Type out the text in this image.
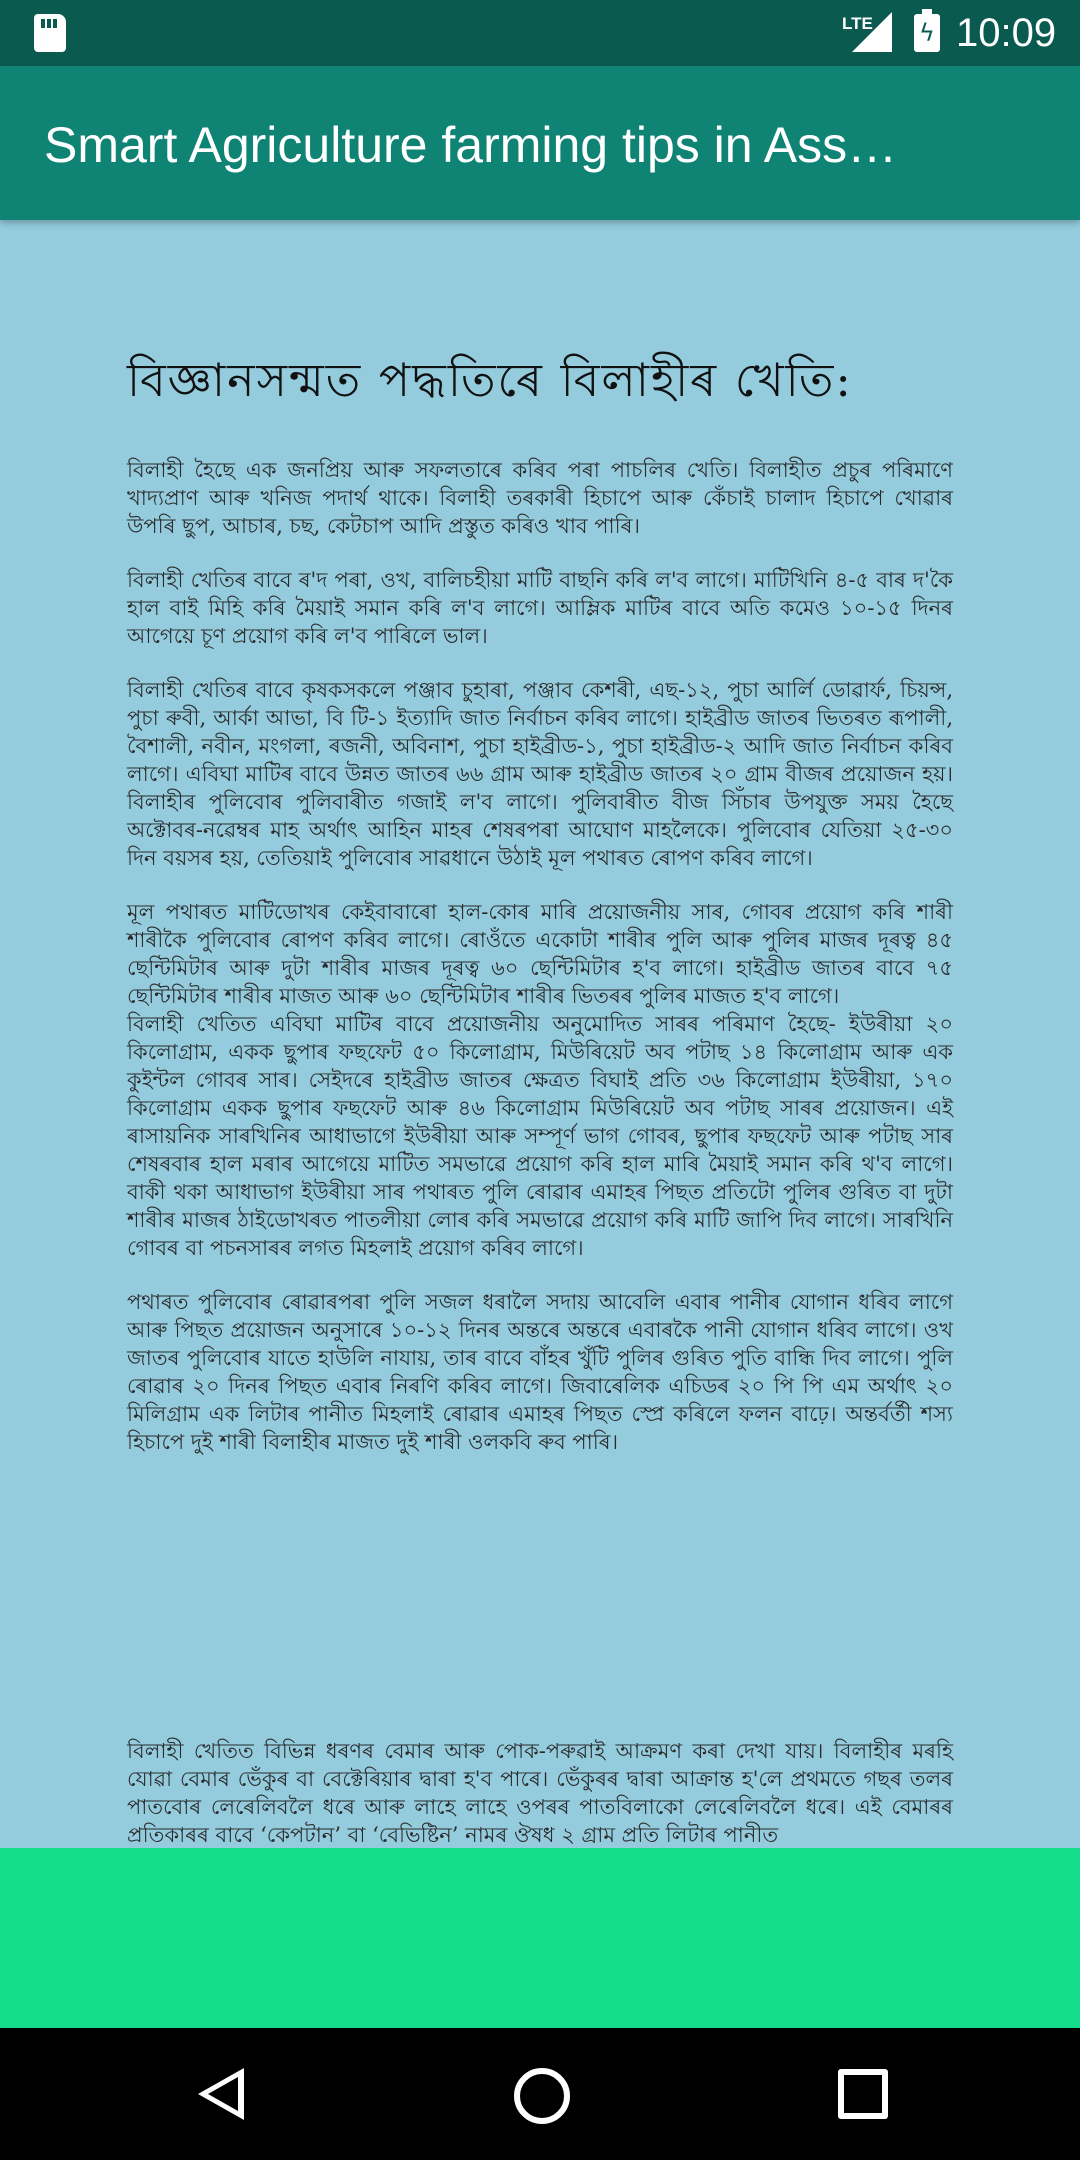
LTE ϟ 10:09
Smart Agriculture farming tips in Ass…
বিজ্ঞানসন্মত পদ্ধতিৰে বিলাহীৰ খেতি:

বিলাহী হৈছে এক জনপ্ৰিয় আৰু সফলতাৰে কৰিব পৰা পাচলিৰ খেতি। বিলাহীত প্ৰচুৰ পৰিমাণে খাদ্যপ্ৰাণ আৰু খনিজ পদাৰ্থ থাকে। বিলাহী তৰকাৰী হিচাপে আৰু কেঁচাই চালাদ হিচাপে খোৱাৰ উপৰি ছুপ, আচাৰ, চছ, কেটচাপ আদি প্ৰস্তুত কৰিও খাব পাৰি।

বিলাহী খেতিৰ বাবে ৰ'দ পৰা, ওখ, বালিচহীয়া মাটি বাছনি কৰি ল'ব লাগে। মাটিখিনি ৪-৫ বাৰ দ'কৈ হাল বাই মিহি কৰি মৈয়াই সমান কৰি ল'ব লাগে। আম্লিক মাটিৰ বাবে অতি কমেও ১০-১৫ দিনৰ আগেয়ে চূণ প্ৰয়োগ কৰি ল'ব পাৰিলে ভাল।

বিলাহী খেতিৰ বাবে কৃষকসকলে পঞ্জাব চুহাৰা, পঞ্জাব কেশৰী, এছ-১২, পুচা আৰ্লি ডোৱাৰ্ফ, চিয়ন্স, পুচা ৰুবী, আৰ্কা আভা, বি টি-১ ইত্যাদি জাত নিৰ্বাচন কৰিব লাগে। হাইব্ৰীড জাতৰ ভিতৰত ৰূপালী, বৈশালী, নবীন, মংগলা, ৰজনী, অবিনাশ, পুচা হাইব্ৰীড-১, পুচা হাইব্ৰীড-২ আদি জাত নিৰ্বাচন কৰিব লাগে। এবিঘা মাটিৰ বাবে উন্নত জাতৰ ৬৬ গ্ৰাম আৰু হাইব্ৰীড জাতৰ ২০ গ্ৰাম বীজৰ প্ৰয়োজন হয়। বিলাহীৰ পুলিবোৰ পুলিবাৰীত গজাই ল'ব লাগে। পুলিবাৰীত বীজ সিঁচাৰ উপযুক্ত সময় হৈছে অক্টোবৰ-নৱেম্বৰ মাহ অৰ্থাৎ আহিন মাহৰ শেষৰপৰা আঘোণ মাহলৈকে। পুলিবোৰ যেতিয়া ২৫-৩০ দিন বয়সৰ হয়, তেতিয়াই পুলিবোৰ সাৱধানে উঠাই মূল পথাৰত ৰোপণ কৰিব লাগে।

মূল পথাৰত মাটিডোখৰ কেইবাবাৰো হাল-কোৰ মাৰি প্ৰয়োজনীয় সাৰ, গোবৰ প্ৰয়োগ কৰি শাৰী শাৰীকৈ পুলিবোৰ ৰোপণ কৰিব লাগে। ৰোওঁতে একোটা শাৰীৰ পুলি আৰু পুলিৰ মাজৰ দূৰত্ব ৪৫ ছেন্টিমিটাৰ আৰু দুটা শাৰীৰ মাজৰ দূৰত্ব ৬০ ছেন্টিমিটাৰ হ'ব লাগে। হাইব্ৰীড জাতৰ বাবে ৭৫ ছেন্টিমিটাৰ শাৰীৰ মাজত আৰু ৬০ ছেন্টিমিটাৰ শাৰীৰ ভিতৰৰ পুলিৰ মাজত হ'ব লাগে।

বিলাহী খেতিত এবিঘা মাটিৰ বাবে প্ৰয়োজনীয় অনুমোদিত সাৰৰ পৰিমাণ হৈছে- ইউৰীয়া ২০ কিলোগ্ৰাম, একক ছুপাৰ ফছফেট ৫০ কিলোগ্ৰাম, মিউৰিয়েট অব পটাছ ১৪ কিলোগ্ৰাম আৰু এক কুইন্টল গোবৰ সাৰ। সেইদৰে হাইব্ৰীড জাতৰ ক্ষেত্ৰত বিঘাই প্ৰতি ৩৬ কিলোগ্ৰাম ইউৰীয়া, ১৭০ কিলোগ্ৰাম একক ছুপাৰ ফছফেট আৰু ৪৬ কিলোগ্ৰাম মিউৰিয়েট অব পটাছ সাৰৰ প্ৰয়োজন। এই ৰাসায়নিক সাৰখিনিৰ আধাভাগে ইউৰীয়া আৰু সম্পূৰ্ণ ভাগ গোবৰ, ছুপাৰ ফছফেট আৰু পটাছ সাৰ শেষৰবাৰ হাল মৰাৰ আগেয়ে মাটিত সমভাৱে প্ৰয়োগ কৰি হাল মাৰি মৈয়াই সমান কৰি থ'ব লাগে। বাকী থকা আধাভাগ ইউৰীয়া সাৰ পথাৰত পুলি ৰোৱাৰ এমাহৰ পিছত প্ৰতিটো পুলিৰ গুৰিত বা দুটা শাৰীৰ মাজৰ ঠাইডোখৰত পাতলীয়া লোৰ কৰি সমভাৱে প্ৰয়োগ কৰি মাটি জাপি দিব লাগে। সাৰখিনি গোবৰ বা পচনসাৰৰ লগত মিহলাই প্ৰয়োগ কৰিব লাগে।

পথাৰত পুলিবোৰ ৰোৱাৰপৰা পুলি সজল ধৰালৈ সদায় আবেলি এবাৰ পানীৰ যোগান ধৰিব লাগে আৰু পিছত প্ৰয়োজন অনুসাৰে ১০-১২ দিনৰ অন্তৰে অন্তৰে এবাৰকৈ পানী যোগান ধৰিব লাগে। ওখ জাতৰ পুলিবোৰ যাতে হাউলি নাযায়, তাৰ বাবে বাঁহৰ খুঁটি পুলিৰ গুৰিত পুতি বান্ধি দিব লাগে। পুলি ৰোৱাৰ ২০ দিনৰ পিছত এবাৰ নিৰণি কৰিব লাগে। জিবাৰেলিক এচিডৰ ২০ পি পি এম অৰ্থাৎ ২০ মিলিগ্ৰাম এক লিটাৰ পানীত মিহলাই ৰোৱাৰ এমাহৰ পিছত স্প্ৰে কৰিলে ফলন বাঢ়ে। অন্তৰ্বৰ্তী শস্য হিচাপে দুই শাৰী বিলাহীৰ মাজত দুই শাৰী ওলকবি ৰুব পাৰি।

বিলাহী খেতিত বিভিন্ন ধৰণৰ বেমাৰ আৰু পোক-পৰুৱাই আক্ৰমণ কৰা দেখা যায়। বিলাহীৰ মৰহি যোৱা বেমাৰ ভেঁকুৰ বা বেক্টেৰিয়াৰ দ্বাৰা হ'ব পাৰে। ভেঁকুৰৰ দ্বাৰা আক্ৰান্ত হ'লে প্ৰথমতে গছৰ তলৰ পাতবোৰ লেৰেলিবলৈ ধৰে আৰু লাহে লাহে ওপৰৰ পাতবিলাকো লেৰেলিবলৈ ধৰে। এই বেমাৰৰ প্ৰতিকাৰৰ বাবে ‘কেপটান’ বা ‘বেভিষ্টিন’ নামৰ ঔষধ ২ গ্ৰাম প্ৰতি লিটাৰ পানীত
